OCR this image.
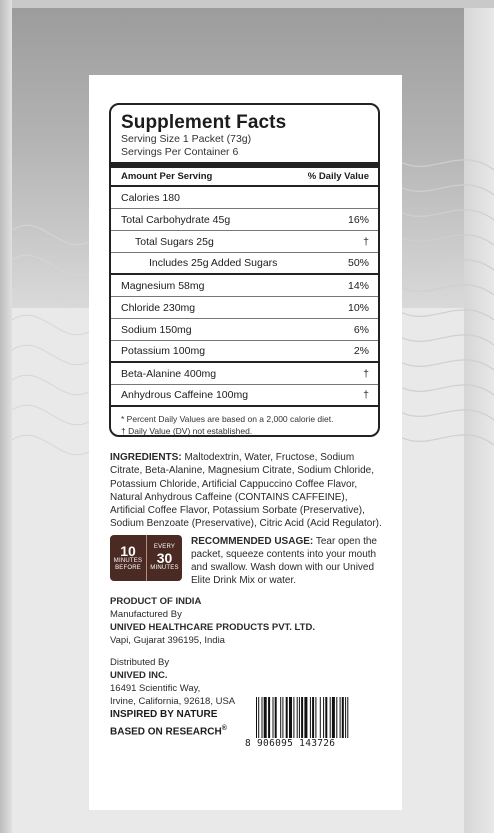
Supplement Facts
Serving Size 1 Packet (73g)
Servings Per Container 6
Amount Per Serving	% Daily Value
Calories 180
Total Carbohydrate 45g	16%
Total Sugars 25g	†
Includes 25g Added Sugars	50%
Magnesium 58mg	14%
Chloride 230mg	10%
Sodium 150mg	6%
Potassium 100mg	2%
Beta-Alanine 400mg	†
Anhydrous Caffeine 100mg	†
* Percent Daily Values are based on a 2,000 calorie diet.
† Daily Value (DV) not established.
INGREDIENTS: Maltodextrin, Water, Fructose, Sodium Citrate, Beta-Alanine, Magnesium Citrate, Sodium Chloride, Potassium Chloride, Artificial Cappuccino Coffee Flavor, Natural Anhydrous Caffeine (CONTAINS CAFFEINE), Artificial Coffee Flavor, Potassium Sorbate (Preservative), Sodium Benzoate (Preservative), Citric Acid (Acid Regulator).
10
MINUTES
BEFORE
EVERY
30
MINUTES
RECOMMENDED USAGE: Tear open the packet, squeeze contents into your mouth and swallow. Wash down with our Unived Elite Drink Mix or water.
PRODUCT OF INDIA
Manufactured By
UNIVED HEALTHCARE PRODUCTS PVT. LTD.
Vapi, Gujarat 396195, India
Distributed By
UNIVED INC.
16491 Scientific Way,
Irvine, California, 92618, USA
INSPIRED BY NATURE
BASED ON RESEARCH®
8 906095 143726
